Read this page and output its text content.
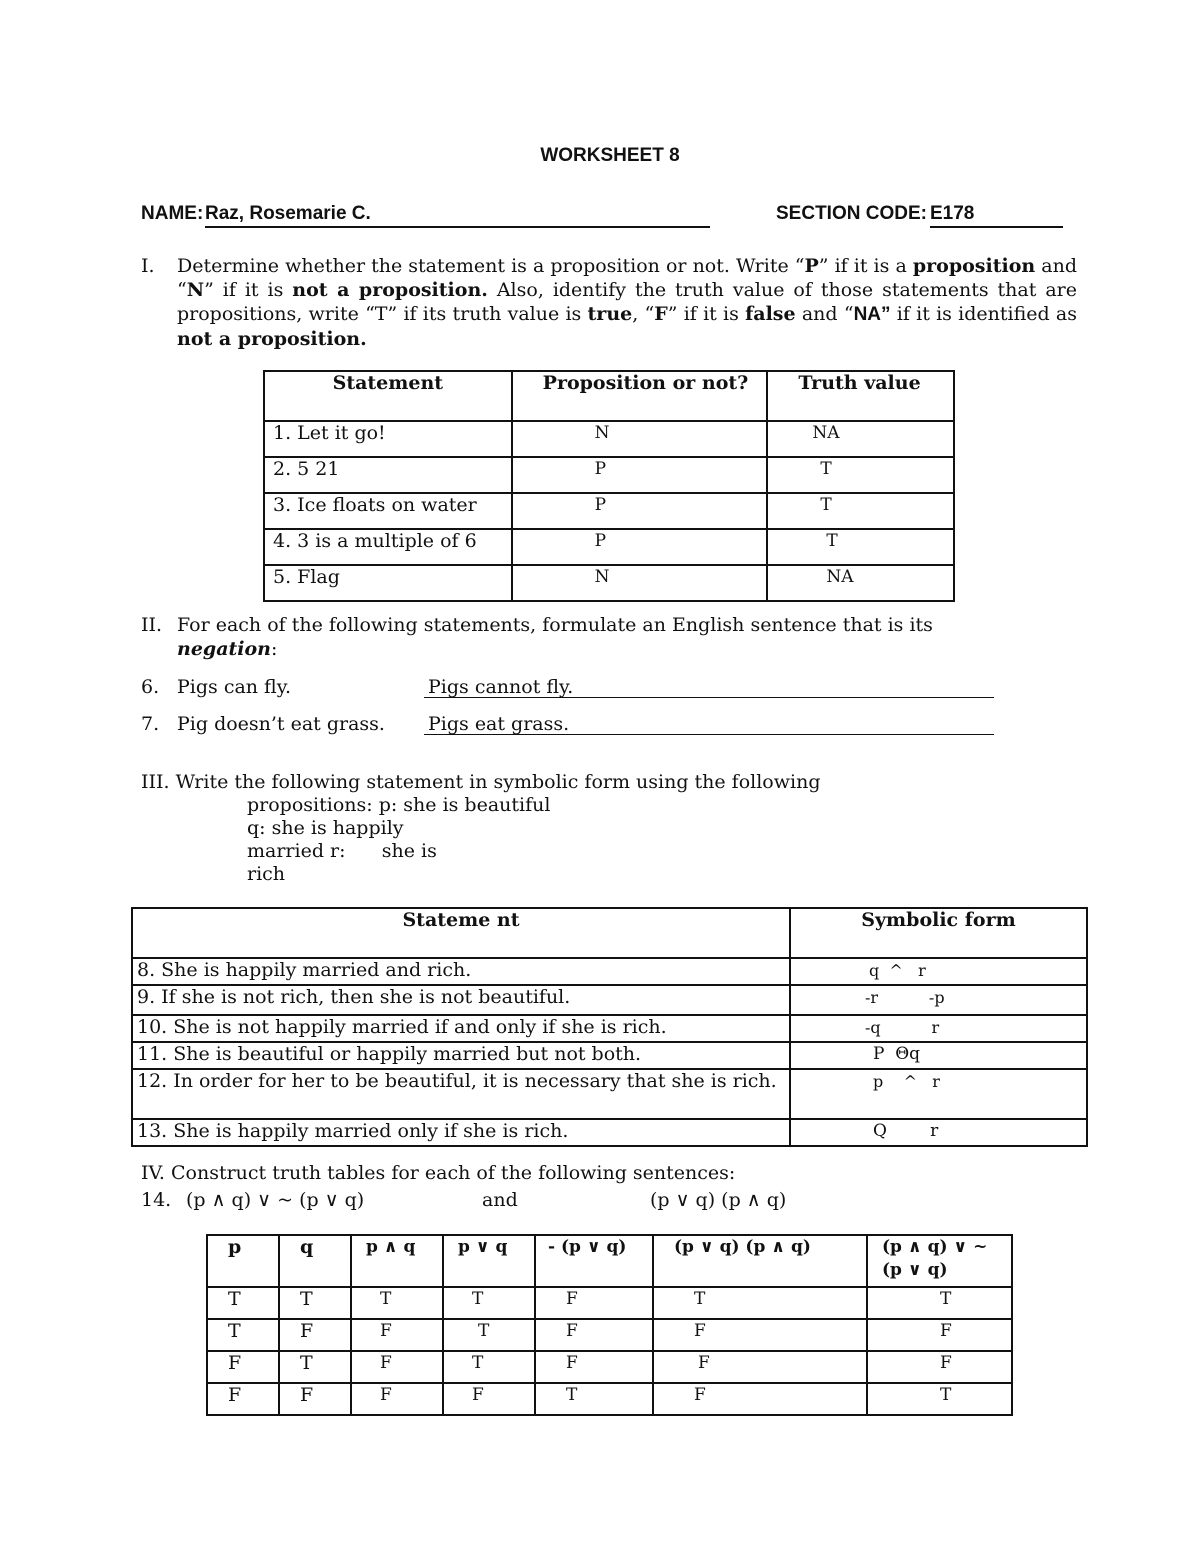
WORKSHEET 8
NAME: Raz, Rosemarie C.	SECTION CODE: E178
I. Determine whether the statement is a proposition or not. Write “P” if it is a proposition and “N” if it is not a proposition. Also, identify the truth value of those statements that are propositions, write “T” if its truth value is true, “F” if it is false and “NA” if it is identified as not a proposition.
Statement	Proposition or not?	Truth value
1. Let it go!	N	NA
2. 5 21	P	T
3. Ice floats on water	P	T
4. 3 is a multiple of 6	P	T
5. Flag	N	NA
II. For each of the following statements, formulate an English sentence that is its
negation:
6. Pigs can fly.	Pigs cannot fly.
7. Pig doesn’t eat grass. Pigs eat grass.
III. Write the following statement in symbolic form using the following
propositions: p: she is beautiful
q: she is happily
married r:      she is
rich
Stateme nt	Symbolic form
8. She is happily married and rich.	q  ^   r
9. If she is not rich, then she is not beautiful.	-r          -p
10. She is not happily married if and only if she is rich.	-q          r
11. She is beautiful or happily married but not both.	P  Θq
12. In order for her to be beautiful, it is necessary that she is rich.	p    ^   r
13. She is happily married only if she is rich.	Q        r
IV. Construct truth tables for each of the following sentences:
14. (p ∧ q) ∨ ~ (p ∨ q)	and	(p ∨ q) (p ∧ q)
p	q	p ∧ q	p ∨ q	- (p ∨ q)	(p ∨ q) (p ∧ q)	(p ∧ q) ∨ ~ (p ∨ q)
T	T	T	T	F	T	T
T	F	F	T	F	F	F
F	T	F	T	F	F	F
F	F	F	F	T	F	T
